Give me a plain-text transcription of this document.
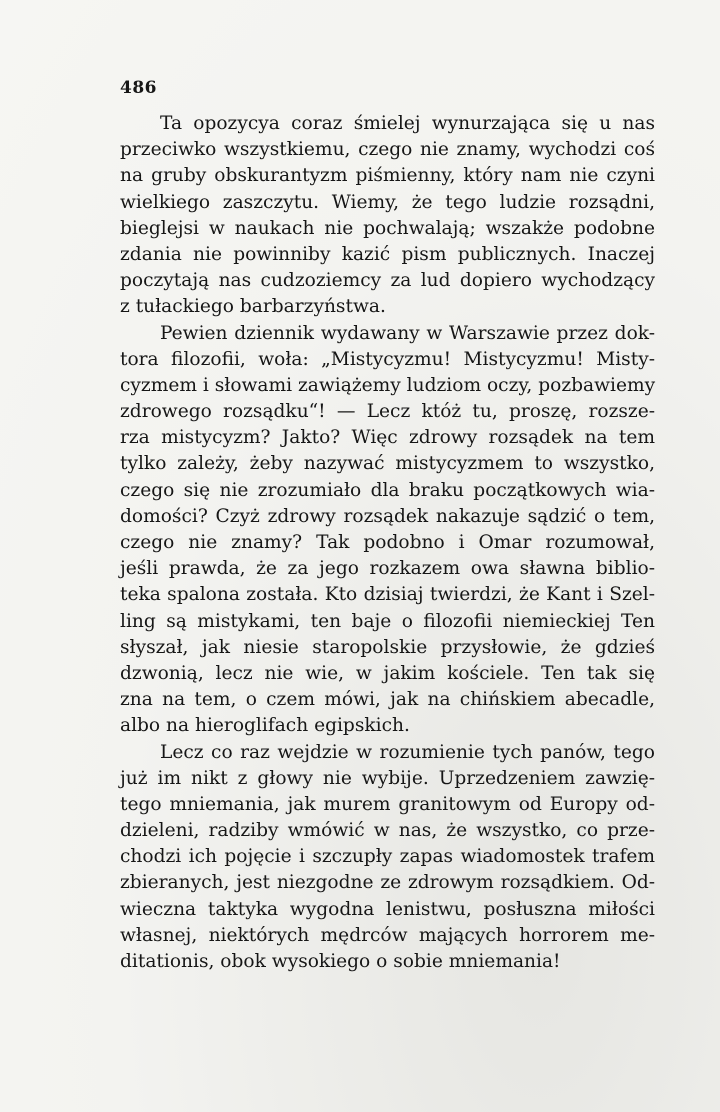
486
Ta opozycya coraz śmielej wynurzająca się u nas
przeciwko wszystkiemu, czego nie znamy, wychodzi coś
na gruby obskurantyzm piśmienny, który nam nie czyni
wielkiego zaszczytu. Wiemy, że tego ludzie rozsądni,
bieglejsi w naukach nie pochwalają; wszakże podobne
zdania nie powinniby kazić pism publicznych. Inaczej
poczytają nas cudzoziemcy za lud dopiero wychodzący
z tułackiego barbarzyństwa.
Pewien dziennik wydawany w Warszawie przez dok-
tora filozofii, woła: „Mistycyzmu! Mistycyzmu! Misty-
cyzmem i słowami zawiążemy ludziom oczy, pozbawiemy
zdrowego rozsądku“! — Lecz któż tu, proszę, rozsze-
rza mistycyzm? Jakto? Więc zdrowy rozsądek na tem
tylko zależy, żeby nazywać mistycyzmem to wszystko,
czego się nie zrozumiało dla braku początkowych wia-
domości? Czyż zdrowy rozsądek nakazuje sądzić o tem,
czego nie znamy? Tak podobno i Omar rozumował,
jeśli prawda, że za jego rozkazem owa sławna biblio-
teka spalona została. Kto dzisiaj twierdzi, że Kant i Szel-
ling są mistykami, ten baje o filozofii niemieckiej Ten
słyszał, jak niesie staropolskie przysłowie, że gdzieś
dzwonią, lecz nie wie, w jakim kościele. Ten tak się
zna na tem, o czem mówi, jak na chińskiem abecadle,
albo na hieroglifach egipskich.
Lecz co raz wejdzie w rozumienie tych panów, tego
już im nikt z głowy nie wybije. Uprzedzeniem zawzię-
tego mniemania, jak murem granitowym od Europy od-
dzieleni, radziby wmówić w nas, że wszystko, co prze-
chodzi ich pojęcie i szczupły zapas wiadomostek trafem
zbieranych, jest niezgodne ze zdrowym rozsądkiem. Od-
wieczna taktyka wygodna lenistwu, posłuszna miłości
własnej, niektórych mędrców mających horrorem me-
ditationis, obok wysokiego o sobie mniemania!
